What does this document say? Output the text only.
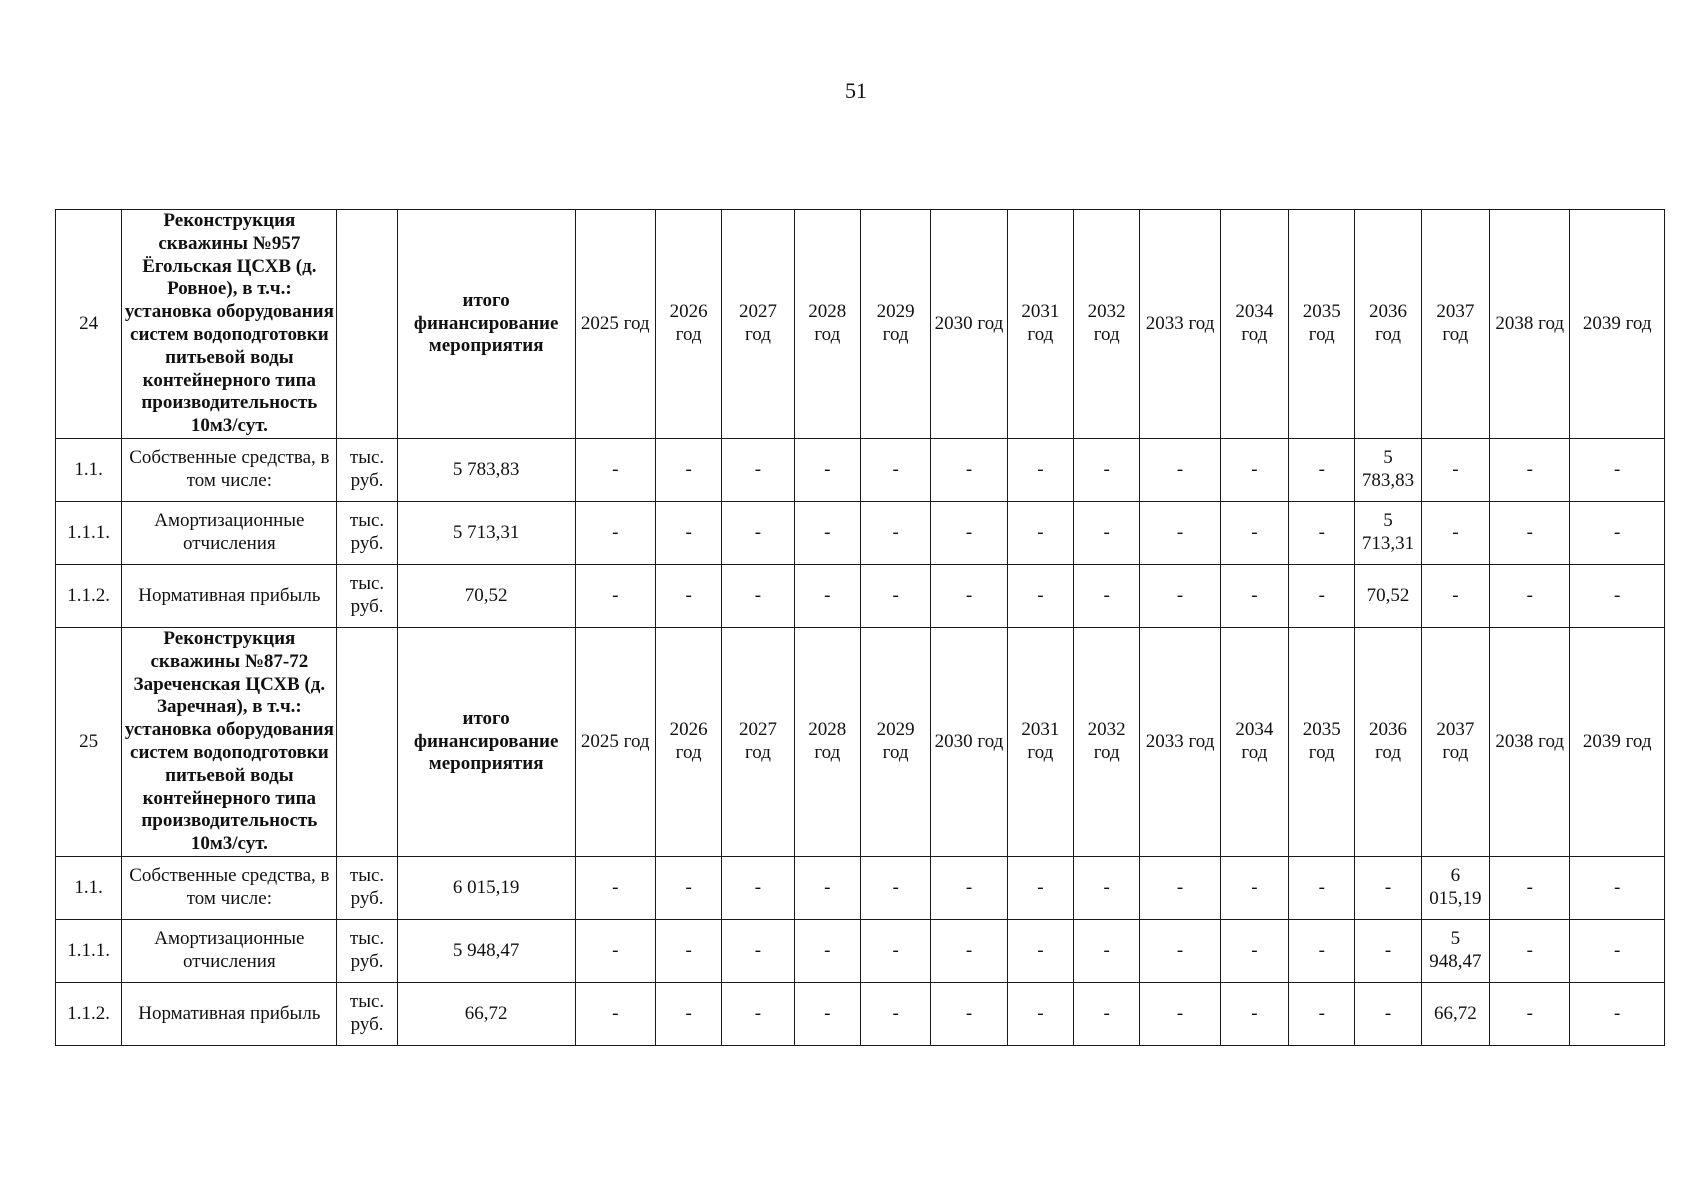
51
24	Реконструкция скважины №957 Ёгольская ЦСХВ (д. Ровное), в т.ч.: установка оборудования систем водоподготовки питьевой воды контейнерного типа производительность 10м3/сут.		итого финансирование мероприятия	2025 год	2026 год	2027 год	2028 год	2029 год	2030 год	2031 год	2032 год	2033 год	2034 год	2035 год	2036 год	2037 год	2038 год	2039 год
1.1.	Собственные средства, в том числе:	тыс. руб.	5 783,83	-	-	-	-	-	-	-	-	-	-	-	5 783,83	-	-	-
1.1.1.	Амортизационные отчисления	тыс. руб.	5 713,31	-	-	-	-	-	-	-	-	-	-	-	5 713,31	-	-	-
1.1.2.	Нормативная прибыль	тыс. руб.	70,52	-	-	-	-	-	-	-	-	-	-	-	70,52	-	-	-
25	Реконструкция скважины №87-72 Зареченская ЦСХВ (д. Заречная), в т.ч.: установка оборудования систем водоподготовки питьевой воды контейнерного типа производительность 10м3/сут.		итого финансирование мероприятия	2025 год	2026 год	2027 год	2028 год	2029 год	2030 год	2031 год	2032 год	2033 год	2034 год	2035 год	2036 год	2037 год	2038 год	2039 год
1.1.	Собственные средства, в том числе:	тыс. руб.	6 015,19	-	-	-	-	-	-	-	-	-	-	-	-	6 015,19	-	-
1.1.1.	Амортизационные отчисления	тыс. руб.	5 948,47	-	-	-	-	-	-	-	-	-	-	-	-	5 948,47	-	-
1.1.2.	Нормативная прибыль	тыс. руб.	66,72	-	-	-	-	-	-	-	-	-	-	-	-	66,72	-	-
